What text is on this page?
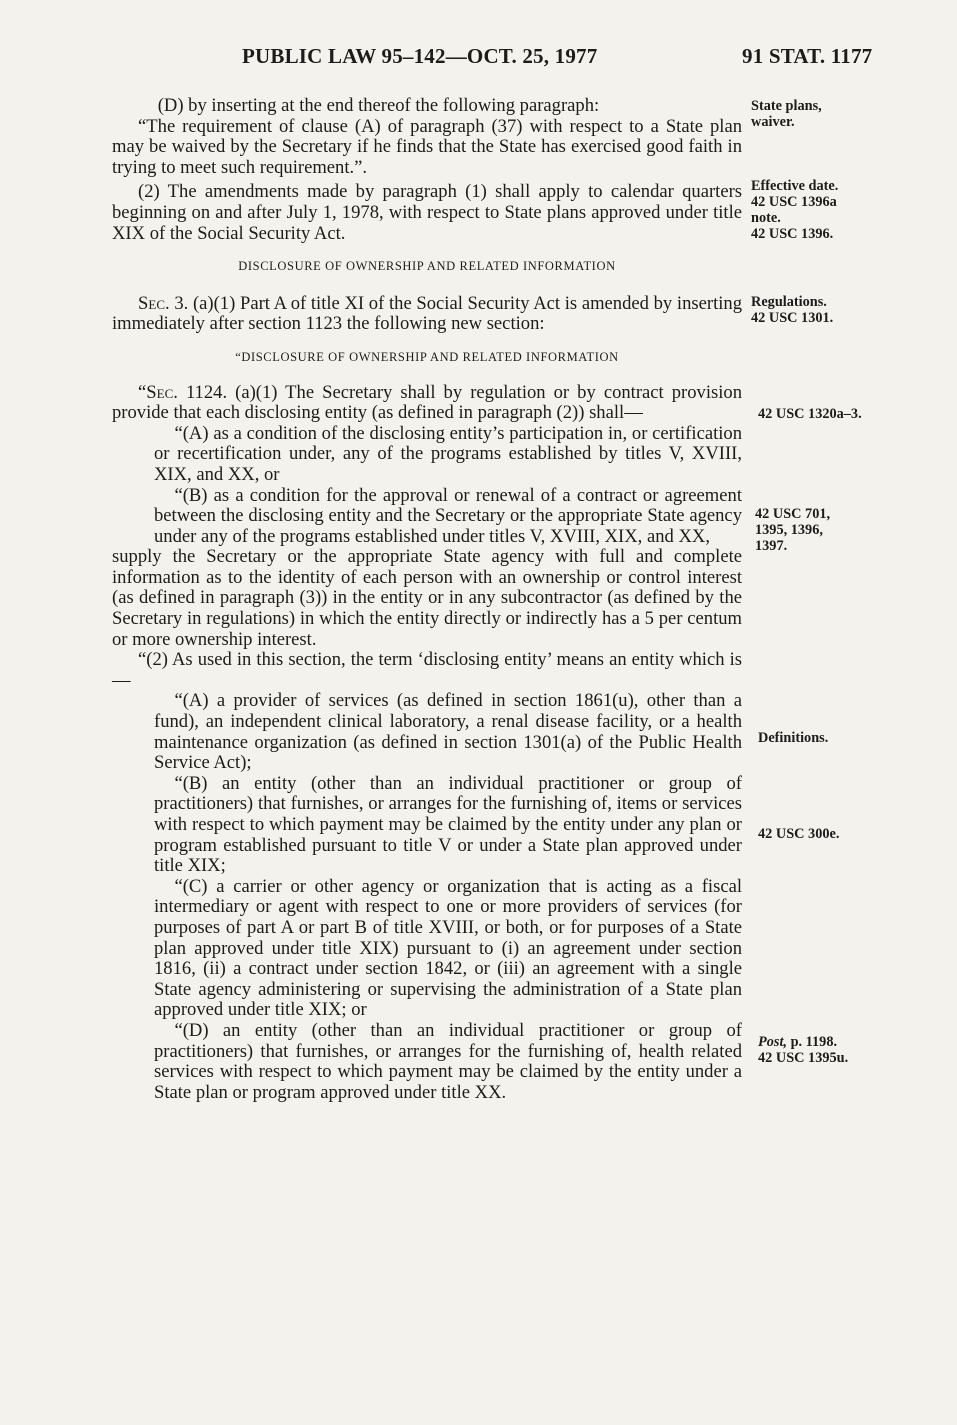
PUBLIC LAW 95–142—OCT. 25, 1977	91 STAT. 1177

(D) by inserting at the end thereof the following paragraph:

“The requirement of clause (A) of paragraph (37) with respect to a State plan may be waived by the Secretary if he finds that the State has exercised good faith in trying to meet such requirement.”.

(2) The amendments made by paragraph (1) shall apply to calendar quarters beginning on and after July 1, 1978, with respect to State plans approved under title XIX of the Social Security Act.

DISCLOSURE OF OWNERSHIP AND RELATED INFORMATION

Sec. 3. (a)(1) Part A of title XI of the Social Security Act is amended by inserting immediately after section 1123 the following new section:

“DISCLOSURE OF OWNERSHIP AND RELATED INFORMATION

“Sec. 1124. (a)(1) The Secretary shall by regulation or by contract provision provide that each disclosing entity (as defined in paragraph (2)) shall—

“(A) as a condition of the disclosing entity’s participation in, or certification or recertification under, any of the programs established by titles V, XVIII, XIX, and XX, or

“(B) as a condition for the approval or renewal of a contract or agreement between the disclosing entity and the Secretary or the appropriate State agency under any of the programs established under titles V, XVIII, XIX, and XX,

supply the Secretary or the appropriate State agency with full and complete information as to the identity of each person with an ownership or control interest (as defined in paragraph (3)) in the entity or in any subcontractor (as defined by the Secretary in regulations) in which the entity directly or indirectly has a 5 per centum or more ownership interest.

“(2) As used in this section, the term ‘disclosing entity’ means an entity which is—

“(A) a provider of services (as defined in section 1861(u), other than a fund), an independent clinical laboratory, a renal disease facility, or a health maintenance organization (as defined in section 1301(a) of the Public Health Service Act);

“(B) an entity (other than an individual practitioner or group of practitioners) that furnishes, or arranges for the furnishing of, items or services with respect to which payment may be claimed by the entity under any plan or program established pursuant to title V or under a State plan approved under title XIX;

“(C) a carrier or other agency or organization that is acting as a fiscal intermediary or agent with respect to one or more providers of services (for purposes of part A or part B of title XVIII, or both, or for purposes of a State plan approved under title XIX) pursuant to (i) an agreement under section 1816, (ii) a contract under section 1842, or (iii) an agreement with a single State agency administering or supervising the administration of a State plan approved under title XIX; or

“(D) an entity (other than an individual practitioner or group of practitioners) that furnishes, or arranges for the furnishing of, health related services with respect to which payment may be claimed by the entity under a State plan or program approved under title XX.

State plans,
waiver.
Effective date.
42 USC 1396a
note.
42 USC 1396.
Regulations.
42 USC 1301.
42 USC 1320a–3.
42 USC 701,
1395, 1396,
1397.
Definitions.
42 USC 300e.
Post, p. 1198.
42 USC 1395u.
